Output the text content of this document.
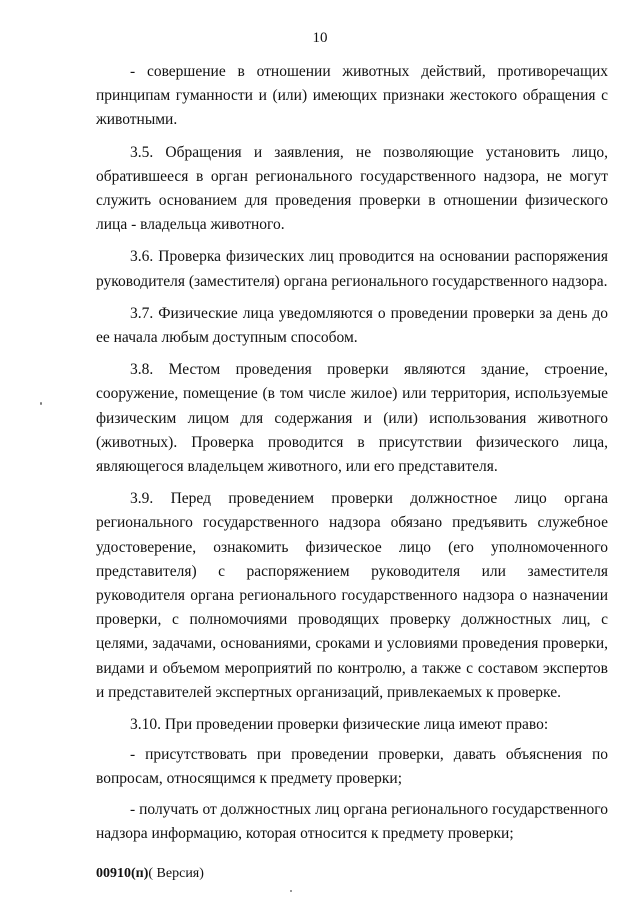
10

- совершение в отношении животных действий, противоречащих принципам гуманности и (или) имеющих признаки жестокого обращения с животными.

3.5. Обращения и заявления, не позволяющие установить лицо, обратившееся в орган регионального государственного надзора, не могут служить основанием для проведения проверки в отношении физического лица - владельца животного.

3.6. Проверка физических лиц проводится на основании распоряжения руководителя (заместителя) органа регионального государственного надзора.

3.7. Физические лица уведомляются о проведении проверки за день до ее начала любым доступным способом.

3.8. Местом проведения проверки являются здание, строение, сооружение, помещение (в том числе жилое) или территория, используемые физическим лицом для содержания и (или) использования животного (животных). Проверка проводится в присутствии физического лица, являющегося владельцем животного, или его представителя.

3.9. Перед проведением проверки должностное лицо органа регионального государственного надзора обязано предъявить служебное удостоверение, ознакомить физическое лицо (его уполномоченного представителя) с распоряжением руководителя или заместителя руководителя органа регионального государственного надзора о назначении проверки, с полномочиями проводящих проверку должностных лиц, с целями, задачами, основаниями, сроками и условиями проведения проверки, видами и объемом мероприятий по контролю, а также с составом экспертов и представителей экспертных организаций, привлекаемых к проверке.

3.10. При проведении проверки физические лица имеют право:

- присутствовать при проведении проверки, давать объяснения по вопросам, относящимся к предмету проверки;

- получать от должностных лиц органа регионального государственного надзора информацию, которая относится к предмету проверки;

00910(п)( Версия)
